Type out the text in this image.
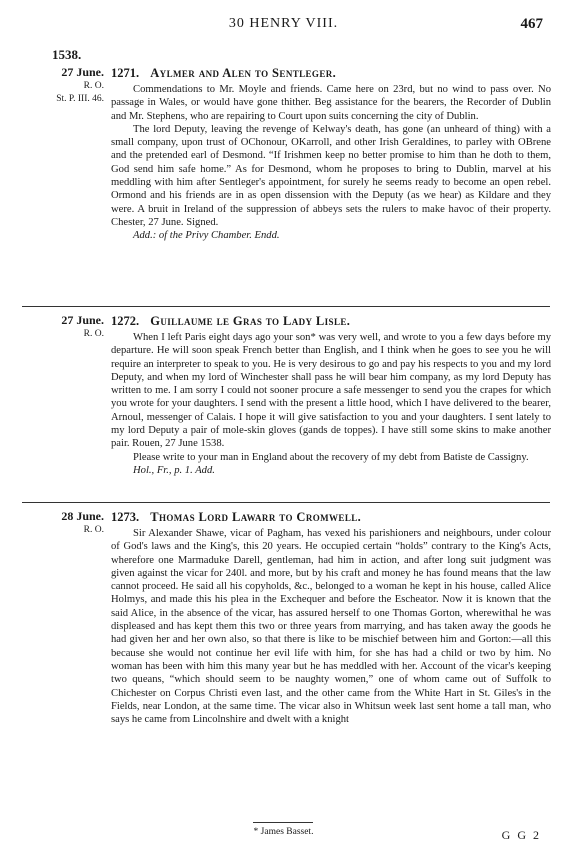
30 HENRY VIII.	467
1538.
27 June.
R. O.
St. P. III. 46.
1271. Aylmer and Alen to Sentleger.

Commendations to Mr. Moyle and friends. Came here on 23rd, but no wind to pass over. No passage in Wales, or would have gone thither. Beg assistance for the bearers, the Recorder of Dublin and Mr. Stephens, who are repairing to Court upon suits concerning the city of Dublin.

The lord Deputy, leaving the revenge of Kelway's death, has gone (an unheard of thing) with a small company, upon trust of OChonour, OKarroll, and other Irish Geraldines, to parley with OBrene and the pretended earl of Desmond. “If Irishmen keep no better promise to him than he doth to them, God send him safe home.” As for Desmond, whom he proposes to bring to Dublin, marvel at his meddling with him after Sentleger's appointment, for surely he seems ready to become an open rebel. Ormond and his friends are in as open dissension with the Deputy (as we hear) as Kildare and they were. A bruit in Ireland of the suppression of abbeys sets the rulers to make havoc of their property. Chester, 27 June. Signed.

Add.: of the Privy Chamber. Endd.

27 June.
R. O.
1272. Guillaume le Gras to Lady Lisle.

When I left Paris eight days ago your son* was very well, and wrote to you a few days before my departure. He will soon speak French better than English, and I think when he goes to see you he will require an interpreter to speak to you. He is very desirous to go and pay his respects to you and my lord Deputy, and when my lord of Winchester shall pass he will bear him company, as my lord Deputy has written to me. I am sorry I could not sooner procure a safe messenger to send you the crapes for which you wrote for your daughters. I send with the present a little hood, which I have delivered to the bearer, Arnoul, messenger of Calais. I hope it will give satisfaction to you and your daughters. I sent lately to my lord Deputy a pair of mole-skin gloves (gands de toppes). I have still some skins to make another pair. Rouen, 27 June 1538.

Please write to your man in England about the recovery of my debt from Batiste de Cassigny.

Hol., Fr., p. 1. Add.

28 June.
R. O.
1273. Thomas Lord Lawarr to Cromwell.

Sir Alexander Shawe, vicar of Pagham, has vexed his parishioners and neighbours, under colour of God's laws and the King's, this 20 years. He occupied certain “holds” contrary to the King's Acts, wherefore one Marmaduke Darell, gentleman, had him in action, and after long suit judgment was given against the vicar for 240l. and more, but by his craft and money he has found means that the law cannot proceed. He said all his copyholds, &c., belonged to a woman he kept in his house, called Alice Holmys, and made this his plea in the Exchequer and before the Escheator. Now it is known that the said Alice, in the absence of the vicar, has assured herself to one Thomas Gorton, wherewithal he was displeased and has kept them this two or three years from marrying, and has taken away the goods he had given her and her own also, so that there is like to be mischief between him and Gorton:—all this because she would not continue her evil life with him, for she has had a child or two by him. No woman has been with him this many year but he has meddled with her. Account of the vicar's keeping two queans, “which should seem to be naughty women,” one of whom came out of Suffolk to Chichester on Corpus Christi even last, and the other came from the White Hart in St. Giles's in the Fields, near London, at the same time. The vicar also in Whitsun week last sent home a tall man, who says he came from Lincolnshire and dwelt with a knight

* James Basset.	G G 2
